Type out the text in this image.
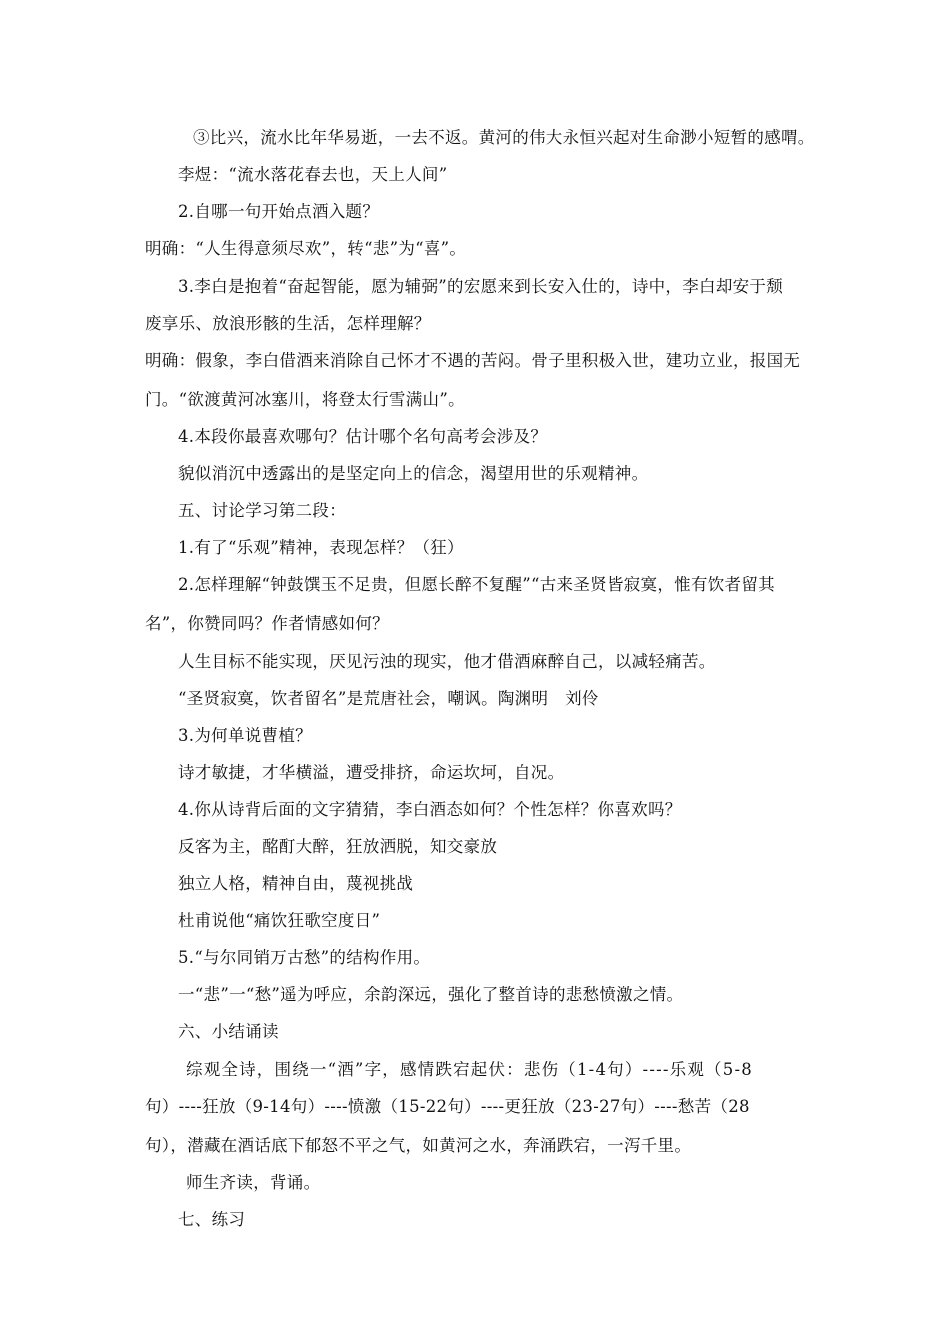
③比兴，流水比年华易逝，一去不返。黄河的伟大永恒兴起对生命渺小短暂的感喟。
李煜：“流水落花春去也，天上人间”
2.自哪一句开始点酒入题？
明确：“人生得意须尽欢”，转“悲”为“喜”。
3.李白是抱着“奋起智能，愿为辅弼”的宏愿来到长安入仕的，诗中，李白却安于颓
废享乐、放浪形骸的生活，怎样理解？
明确：假象，李白借酒来消除自己怀才不遇的苦闷。骨子里积极入世，建功立业，报国无
门。“欲渡黄河冰塞川，将登太行雪满山”。
4.本段你最喜欢哪句？估计哪个名句高考会涉及？
貌似消沉中透露出的是坚定向上的信念，渴望用世的乐观精神。
五、讨论学习第二段：
1.有了“乐观”精神，表现怎样？（狂）
2.怎样理解“钟鼓馔玉不足贵，但愿长醉不复醒”“古来圣贤皆寂寞，惟有饮者留其
名”，你赞同吗？作者情感如何？
人生目标不能实现，厌见污浊的现实，他才借酒麻醉自己，以减轻痛苦。
“圣贤寂寞，饮者留名”是荒唐社会，嘲讽。陶渊明　刘伶
3.为何单说曹植？
诗才敏捷，才华横溢，遭受排挤，命运坎坷，自况。
4.你从诗背后面的文字猜猜，李白酒态如何？个性怎样？你喜欢吗？
反客为主，酩酊大醉，狂放洒脱，知交豪放
独立人格，精神自由，蔑视挑战
杜甫说他“痛饮狂歌空度日”
5.“与尔同销万古愁”的结构作用。
一“悲”一“愁”遥为呼应，余韵深远，强化了整首诗的悲愁愤激之情。
六、小结诵读
综观全诗，围绕一“酒”字，感情跌宕起伏：悲伤（1-4句）----乐观（5-8
句）----狂放（9-14句）----愤激（15-22句）----更狂放（23-27句）----愁苦（28
句），潜藏在酒话底下郁怒不平之气，如黄河之水，奔涌跌宕，一泻千里。
师生齐读，背诵。
七、练习
